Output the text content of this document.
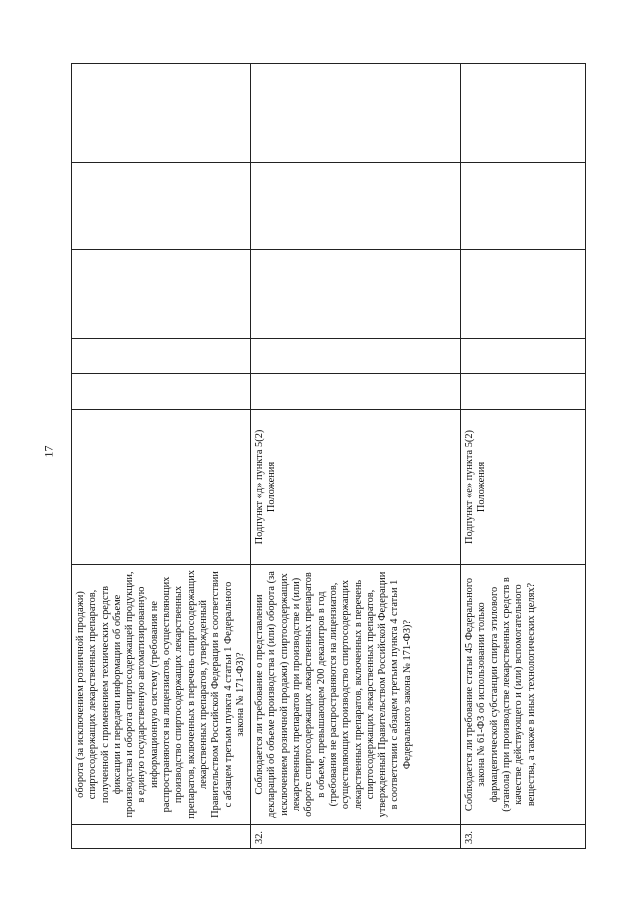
17
	оборота (за исключением розничной продажи) спиртосодержащих лекарственных препаратов, полученной с применением технических средств фиксации и передачи информации об объеме производства и оборота спиртосодержащей продукции, в единую государственную автоматизированную информационную систему (требования не распространяются на лицензиатов, осуществляющих производство спиртосодержащих лекарственных препаратов, включенных в перечень спиртосодержащих лекарственных препаратов, утвержденный Правительством Российской Федерации в соответствии с абзацем третьим пункта 4 статьи 1 Федерального закона № 171-ФЗ)?						
32.	Соблюдается ли требование о представлении деклараций об объеме производства и (или) оборота (за исключением розничной продажи) спиртосодержащих лекарственных препаратов при производстве и (или) обороте спиртосодержащих лекарственных препаратов в объеме, превышающем 200 декалитров в год (требования не распространяются на лицензиатов, осуществляющих производство спиртосодержащих лекарственных препаратов, включенных в перечень спиртосодержащих лекарственных препаратов, утвержденный Правительством Российской Федерации в соответствии с абзацем третьим пункта 4 статьи 1 Федерального закона № 171-ФЗ)?	Подпункт «д» пункта 5(2) Положения					
33.	Соблюдается ли требование статьи 45 Федерального закона № 61-ФЗ об использовании только фармацевтической субстанции спирта этилового (этанола) при производстве лекарственных средств в качестве действующего и (или) вспомогательного вещества, а также в иных технологических целях?	Подпункт «е» пункта 5(2) Положения					
